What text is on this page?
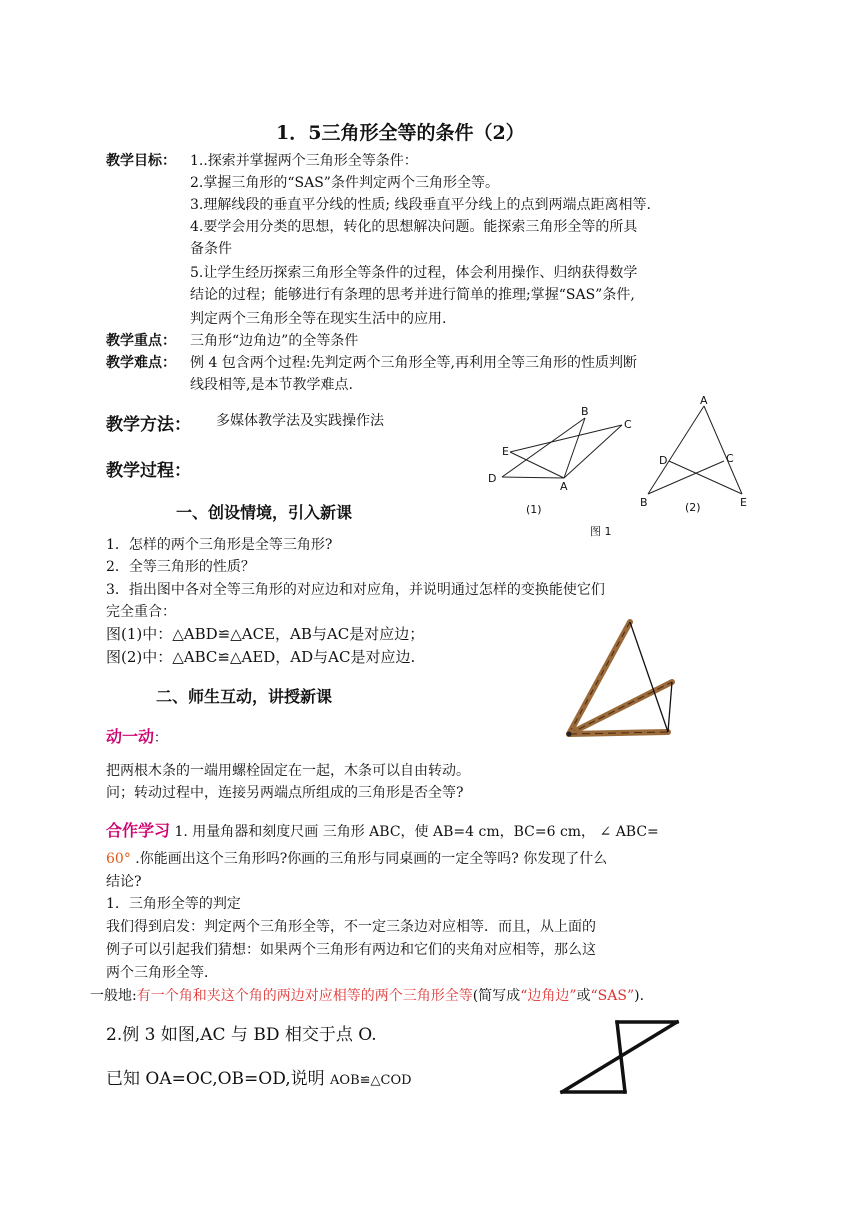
1．5三角形全等的条件（2）
教学目标： 1..探索并掌握两个三角形全等条件：
2.掌握三角形的“SAS”条件判定两个三角形全等。
3.理解线段的垂直平分线的性质; 线段垂直平分线上的点到两端点距离相等.
4.要学会用分类的思想，转化的思想解决问题。能探索三角形全等的所具
备条件
5.让学生经历探索三角形全等条件的过程，体会利用操作、归纳获得数学
结论的过程；能够进行有条理的思考并进行简单的推理;掌握“SAS”条件,
判定两个三角形全等在现实生活中的应用.
教学重点： 三角形“边角边”的全等条件
教学难点： 例 4 包含两个过程:先判定两个三角形全等,再利用全等三角形的性质判断
线段相等,是本节教学难点.
教学方法： 多媒体教学法及实践操作法
教学过程：
B
C
E
D
A
A
D	C
B	E
(1)	(2)
图 1
一、创设情境，引入新课
1．怎样的两个三角形是全等三角形?
2．全等三角形的性质？
3．指出图中各对全等三角形的对应边和对应角，并说明通过怎样的变换能使它们
完全重合：
图(1)中：△ABD≌△ACE，AB与AC是对应边；
图(2)中：△ABC≌△AED，AD与AC是对应边.
二、师生互动，讲授新课
动一动：
把两根木条的一端用螺栓固定在一起，木条可以自由转动。
问；转动过程中，连接另两端点所组成的三角形是否全等?
合作学习 1. 用量角器和刻度尺画 三角形 ABC，使 AB=4 cm，BC=6 cm， ∠ ABC=
60° .你能画出这个三角形吗?你画的三角形与同桌画的一定全等吗? 你发现了什么
结论?
1．三角形全等的判定
我们得到启发：判定两个三角形全等，不一定三条边对应相等．而且，从上面的
例子可以引起我们猜想：如果两个三角形有两边和它们的夹角对应相等，那么这
两个三角形全等．
一般地:有一个角和夹这个角的两边对应相等的两个三角形全等(简写成“边角边”或“SAS”).
2.例 3 如图,AC 与 BD 相交于点 O.
已知 OA=OC,OB=OD,说明 AOB≌△COD
